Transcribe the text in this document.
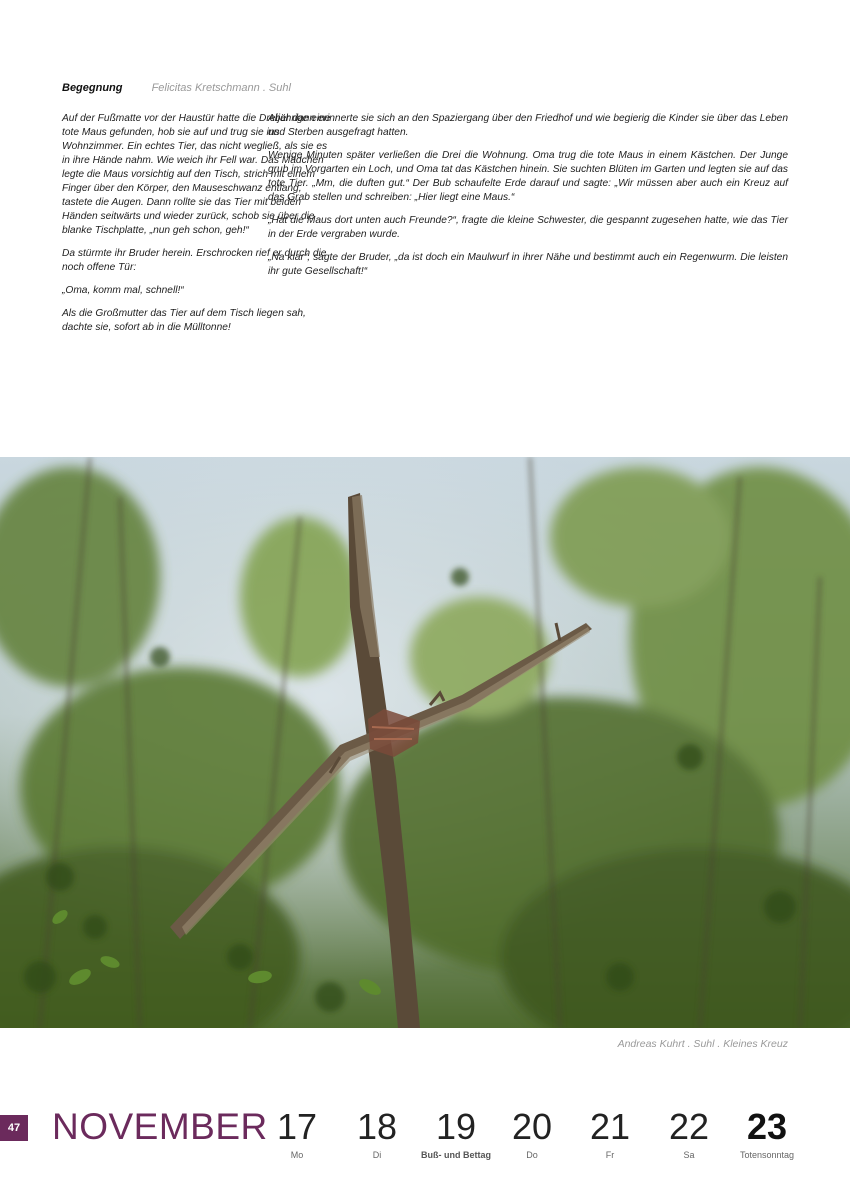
Begegnung	Felicitas Kretschmann . Suhl

Auf der Fußmatte vor der Haustür hatte die Dreijährige eine tote Maus gefunden, hob sie auf und trug sie ins Wohnzimmer. Ein echtes Tier, das nicht wegließ, als sie es in ihre Hände nahm. Wie weich ihr Fell war. Das Mädchen legte die Maus vorsichtig auf den Tisch, strich mit einem Finger über den Körper, den Mauseschwanz entlang, tastete die Augen. Dann rollte sie das Tier mit beiden Händen seitwärts und wieder zurück, schob sie über die blanke Tischplatte, „nun geh schon, geh!“

Da stürmte ihr Bruder herein. Erschrocken rief er durch die noch offene Tür:

„Oma, komm mal, schnell!“

Als die Großmutter das Tier auf dem Tisch liegen sah, dachte sie, sofort ab in die Mülltonne!

Aber dann erinnerte sie sich an den Spaziergang über den Friedhof und wie begierig die Kinder sie über das Leben und Sterben ausgefragt hatten.

Wenige Minuten später verließen die Drei die Wohnung. Oma trug die tote Maus in einem Kästchen. Der Junge grub im Vorgarten ein Loch, und Oma tat das Kästchen hinein. Sie suchten Blüten im Garten und legten sie auf das tote Tier. „Mm, die duften gut.“ Der Bub schaufelte Erde darauf und sagte: „Wir müssen aber auch ein Kreuz auf das Grab stellen und schreiben: „Hier liegt eine Maus.“

„Hat die Maus dort unten auch Freunde?“, fragte die kleine Schwester, die gespannt zugesehen hatte, wie das Tier in der Erde vergraben wurde.

„Na klar“, sagte der Bruder, „da ist doch ein Maulwurf in ihrer Nähe und bestimmt auch ein Regenwurm. Die leisten ihr gute Gesellschaft!“

Andreas Kuhrt . Suhl . Kleines Kreuz
47 NOVEMBER 17
Mo
18
Di
19
Buß- und Bettag
20
Do
21
Fr
22
Sa
23
Totensonntag
